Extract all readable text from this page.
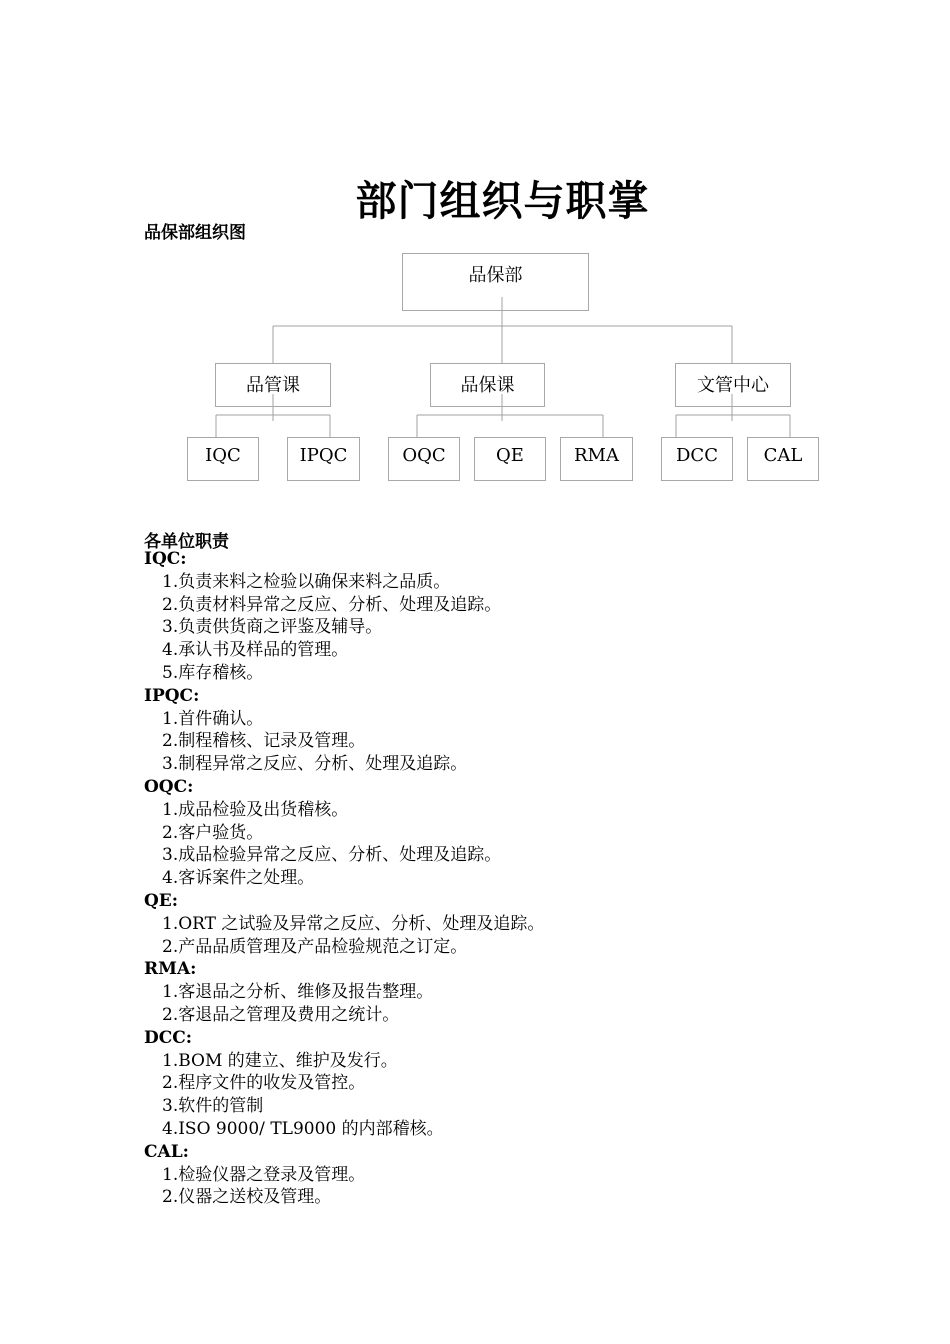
部门组织与职掌
品保部组织图
品保部
品管课	品保课	文管中心
IQC	IPQC	OQC	QE	RMA	DCC	CAL
各单位职责
IQC:
1.负责来料之检验以确保来料之品质。
2.负责材料异常之反应、分析、处理及追踪。
3.负责供货商之评鉴及辅导。
4.承认书及样品的管理。
5.库存稽核。
IPQC:
1.首件确认。
2.制程稽核、记录及管理。
3.制程异常之反应、分析、处理及追踪。
OQC:
1.成品检验及出货稽核。
2.客户验货。
3.成品检验异常之反应、分析、处理及追踪。
4.客诉案件之处理。
QE:
1.ORT 之试验及异常之反应、分析、处理及追踪。
2.产品品质管理及产品检验规范之订定。
RMA:
1.客退品之分析、维修及报告整理。
2.客退品之管理及费用之统计。
DCC:
1.BOM 的建立、维护及发行。
2.程序文件的收发及管控。
3.软件的管制
4.ISO 9000/ TL9000 的内部稽核。
CAL:
1.检验仪器之登录及管理。
2.仪器之送校及管理。
